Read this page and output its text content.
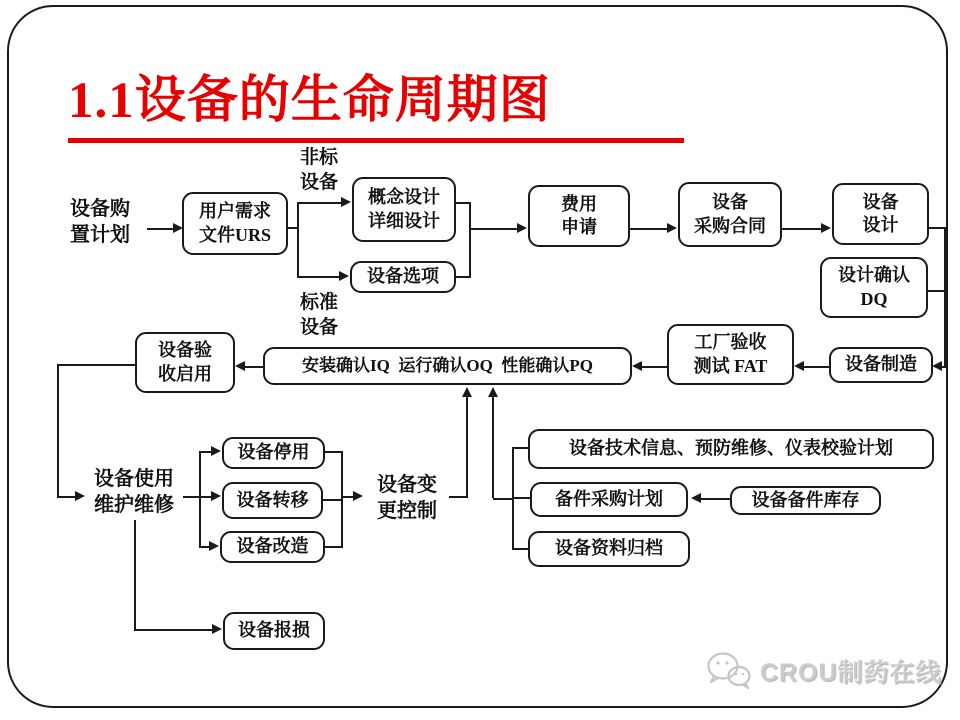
1.1设备的生命周期图
设备购
置计划
非标
设备
标准
设备
设备使用
维护维修
设备变
更控制
用户需求
文件URS
概念设计
详细设计
设备选项
费用
申请
设备
采购合同
设备
设计
设计确认
DQ
设备制造
工厂验收
测试 FAT
安装确认IQ  运行确认OQ  性能确认PQ
设备验
收启用
设备停用
设备转移
设备改造
设备报损
设备技术信息、预防维修、仪表校验计划
备件采购计划	设备备件库存
设备资料归档
CROU制药在线
